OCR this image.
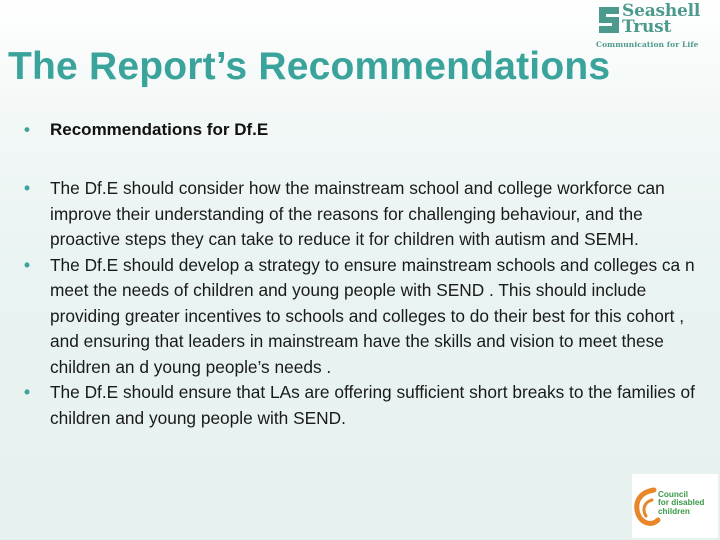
Seashell
Trust
Communication for Life
The Report’s Recommendations
• Recommendations for Df.E
• The Df.E should consider how the mainstream school and college workforce can improve their understanding of the reasons for challenging behaviour, and the proactive steps they can take to reduce it for children with autism and SEMH.
• The Df.E should develop a strategy to ensure mainstream schools and colleges ca n meet the needs of children and young people with SEND . This should include providing greater incentives to schools and colleges to do their best for this cohort , and ensuring that leaders in mainstream have the skills and vision to meet these children an d young people’s needs .
• The Df.E should ensure that LAs are offering sufficient short breaks to the families of children and young people with SEND.
Council
for disabled
children
